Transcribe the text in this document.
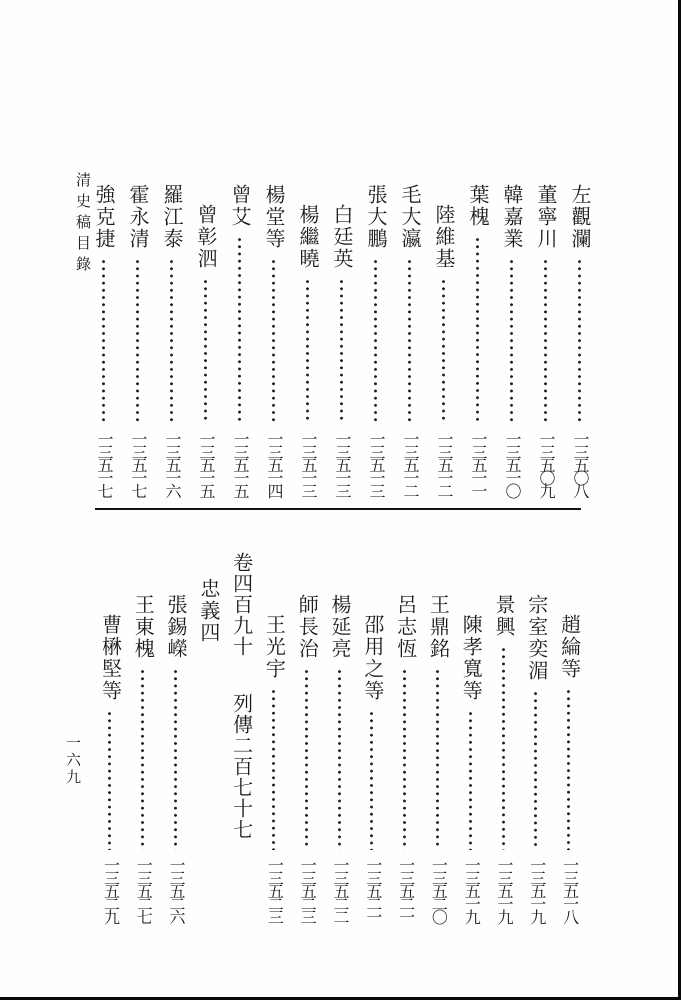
清史稿目錄
一六九
左觀瀾
一三五〇八
董寧川
一三五〇九
韓嘉業
一三五一〇
葉槐
一三五一一
陸維基
一三五一二
毛大瀛
一三五一二
張大鵬
一三五一三
白廷英
一三五一三
楊繼曉
一三五一三
楊堂等
一三五一四
曾艾
一三五一五
曾彰泗
一三五一五
羅江泰
一三五一六
霍永清
一三五一七
強克捷
一三五一七
趙綸等
一三五一八
宗室奕湄
一三五一九
景興
一三五一九
陳孝寬等
一三五一九
王鼎銘
一三五二〇
呂志恆
一三五二一
邵用之等
一三五二一
楊延亮
一三五二二
師長治
一三五二三
王光宇
一三五二三
卷四百九十
列傳二百七十七
忠義四
張錫嶸
一三五二六
王東槐
一三五二七
曹楙堅等
一三五二九
